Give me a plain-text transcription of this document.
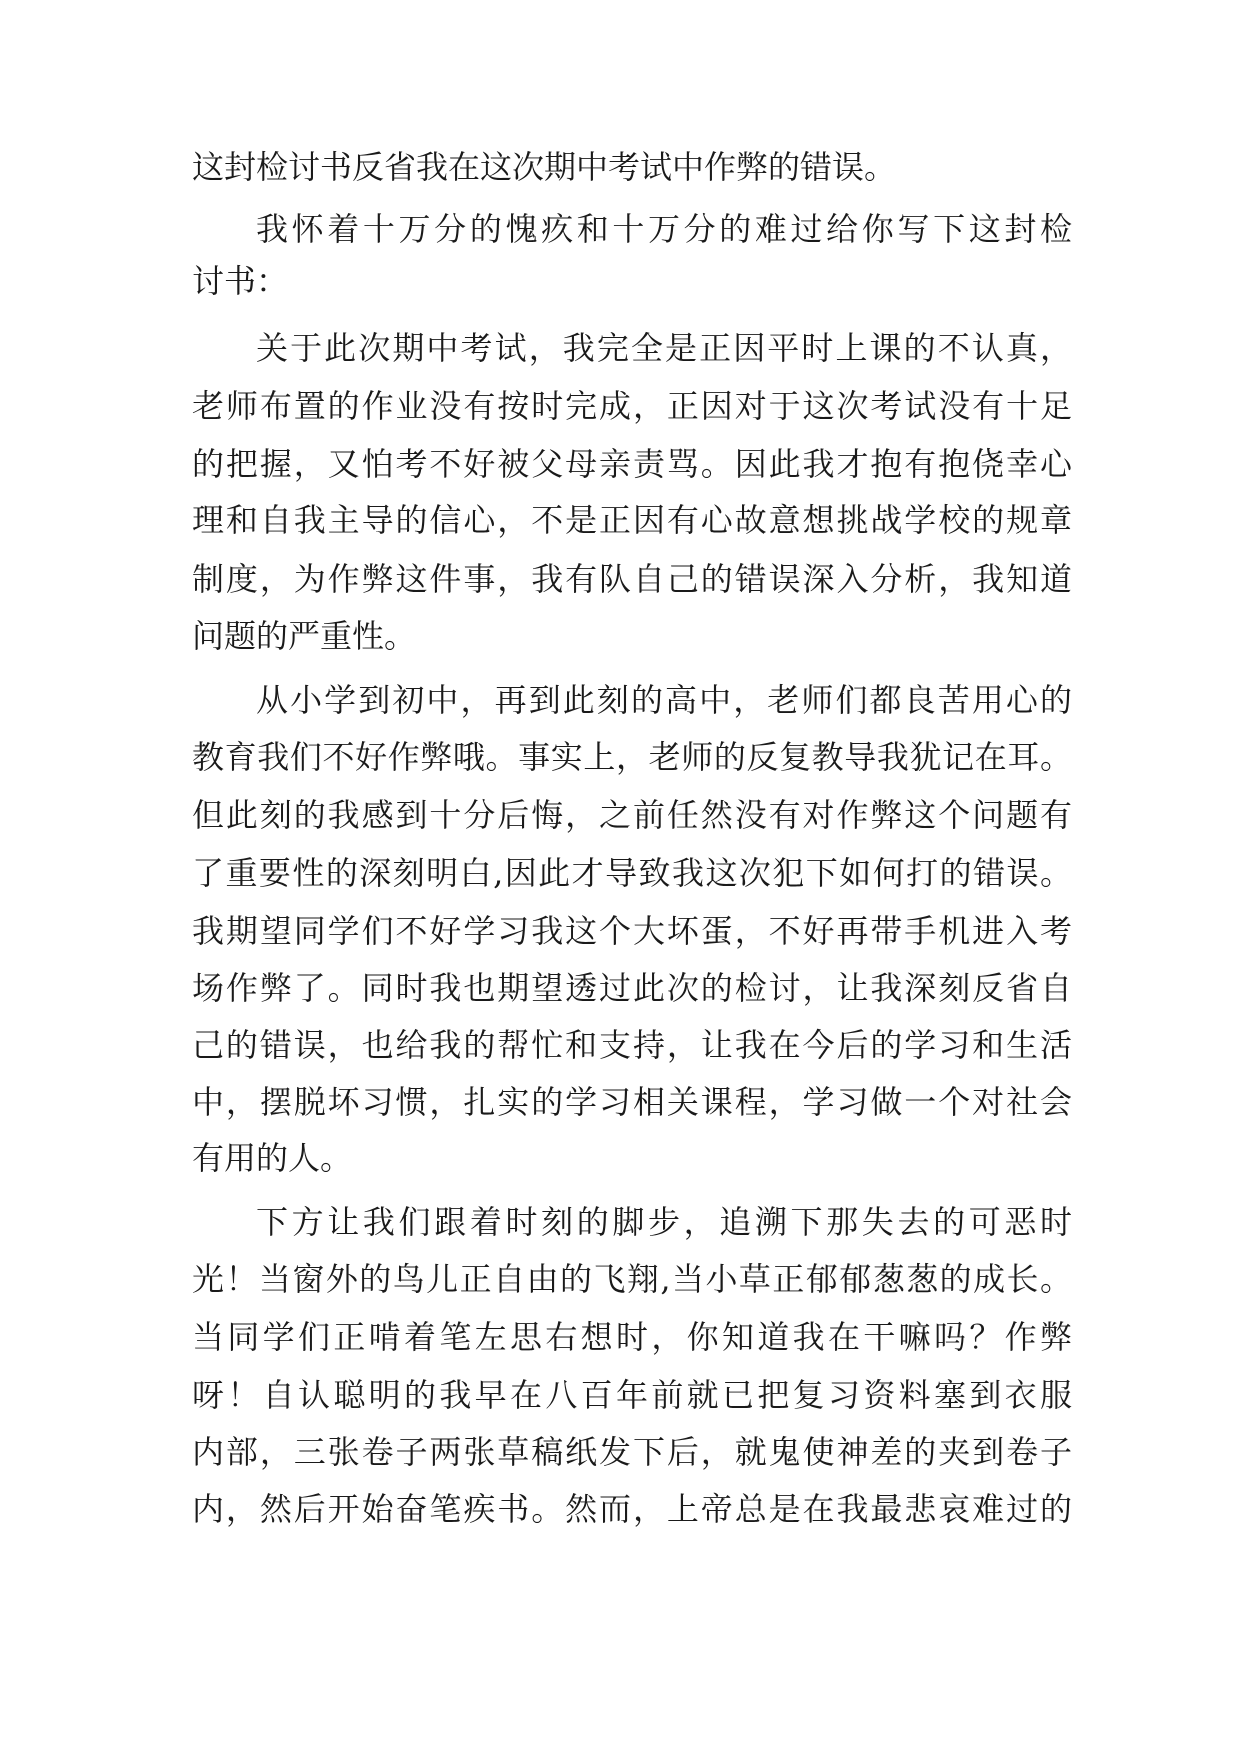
这封检讨书反省我在这次期中考试中作弊的错误。
我怀着十万分的愧疚和十万分的难过给你写下这封检
讨书：
关于此次期中考试，我完全是正因平时上课的不认真，
老师布置的作业没有按时完成，正因对于这次考试没有十足
的把握，又怕考不好被父母亲责骂。因此我才抱有抱侥幸心
理和自我主导的信心，不是正因有心故意想挑战学校的规章
制度，为作弊这件事，我有队自己的错误深入分析，我知道
问题的严重性。
从小学到初中，再到此刻的高中，老师们都良苦用心的
教育我们不好作弊哦。事实上，老师的反复教导我犹记在耳。
但此刻的我感到十分后悔，之前任然没有对作弊这个问题有
了重要性的深刻明白,因此才导致我这次犯下如何打的错误。
我期望同学们不好学习我这个大坏蛋，不好再带手机进入考
场作弊了。同时我也期望透过此次的检讨，让我深刻反省自
己的错误，也给我的帮忙和支持，让我在今后的学习和生活
中，摆脱坏习惯，扎实的学习相关课程，学习做一个对社会
有用的人。
下方让我们跟着时刻的脚步，追溯下那失去的可恶时
光！当窗外的鸟儿正自由的飞翔,当小草正郁郁葱葱的成长。
当同学们正啃着笔左思右想时，你知道我在干嘛吗？作弊
呀！自认聪明的我早在八百年前就已把复习资料塞到衣服
内部，三张卷子两张草稿纸发下后，就鬼使神差的夹到卷子
内，然后开始奋笔疾书。然而，上帝总是在我最悲哀难过的
